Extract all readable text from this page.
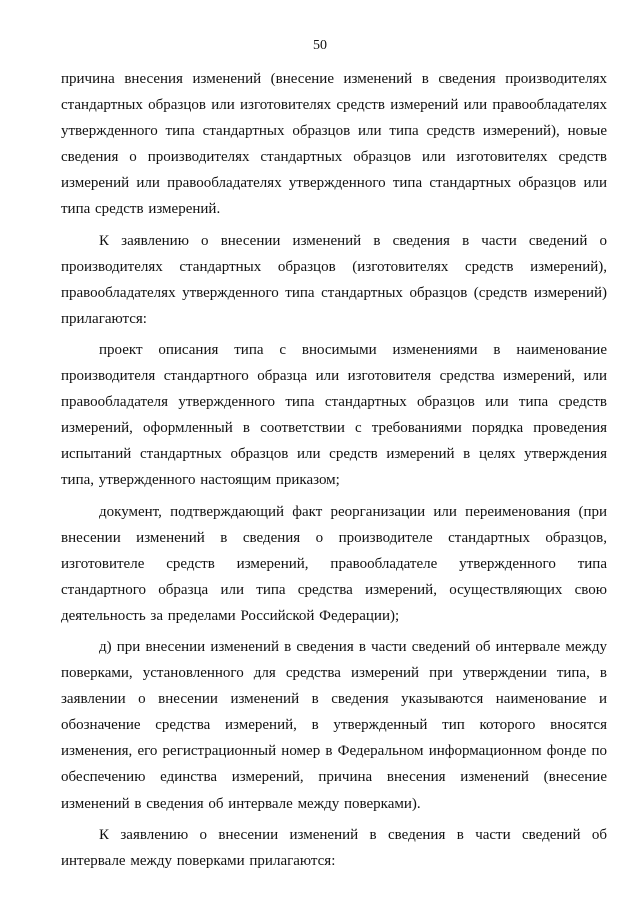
50

причина внесения изменений (внесение изменений в сведения производителях стандартных образцов или изготовителях средств измерений или правообладателях утвержденного типа стандартных образцов или типа средств измерений), новые сведения о производителях стандартных образцов или изготовителях средств измерений или правообладателях утвержденного типа стандартных образцов или типа средств измерений.

К заявлению о внесении изменений в сведения в части сведений о производителях стандартных образцов (изготовителях средств измерений), правообладателях утвержденного типа стандартных образцов (средств измерений) прилагаются:

проект описания типа с вносимыми изменениями в наименование производителя стандартного образца или изготовителя средства измерений, или правообладателя утвержденного типа стандартных образцов или типа средств измерений, оформленный в соответствии с требованиями порядка проведения испытаний стандартных образцов или средств измерений в целях утверждения типа, утвержденного настоящим приказом;

документ, подтверждающий факт реорганизации или переименования (при внесении изменений в сведения о производителе стандартных образцов, изготовителе средств измерений, правообладателе утвержденного типа стандартного образца или типа средства измерений, осуществляющих свою деятельность за пределами Российской Федерации);

д) при внесении изменений в сведения в части сведений об интервале между поверками, установленного для средства измерений при утверждении типа, в заявлении о внесении изменений в сведения указываются наименование и обозначение средства измерений, в утвержденный тип которого вносятся изменения, его регистрационный номер в Федеральном информационном фонде по обеспечению единства измерений, причина внесения изменений (внесение изменений в сведения об интервале между поверками).

К заявлению о внесении изменений в сведения в части сведений об интервале между поверками прилагаются:
